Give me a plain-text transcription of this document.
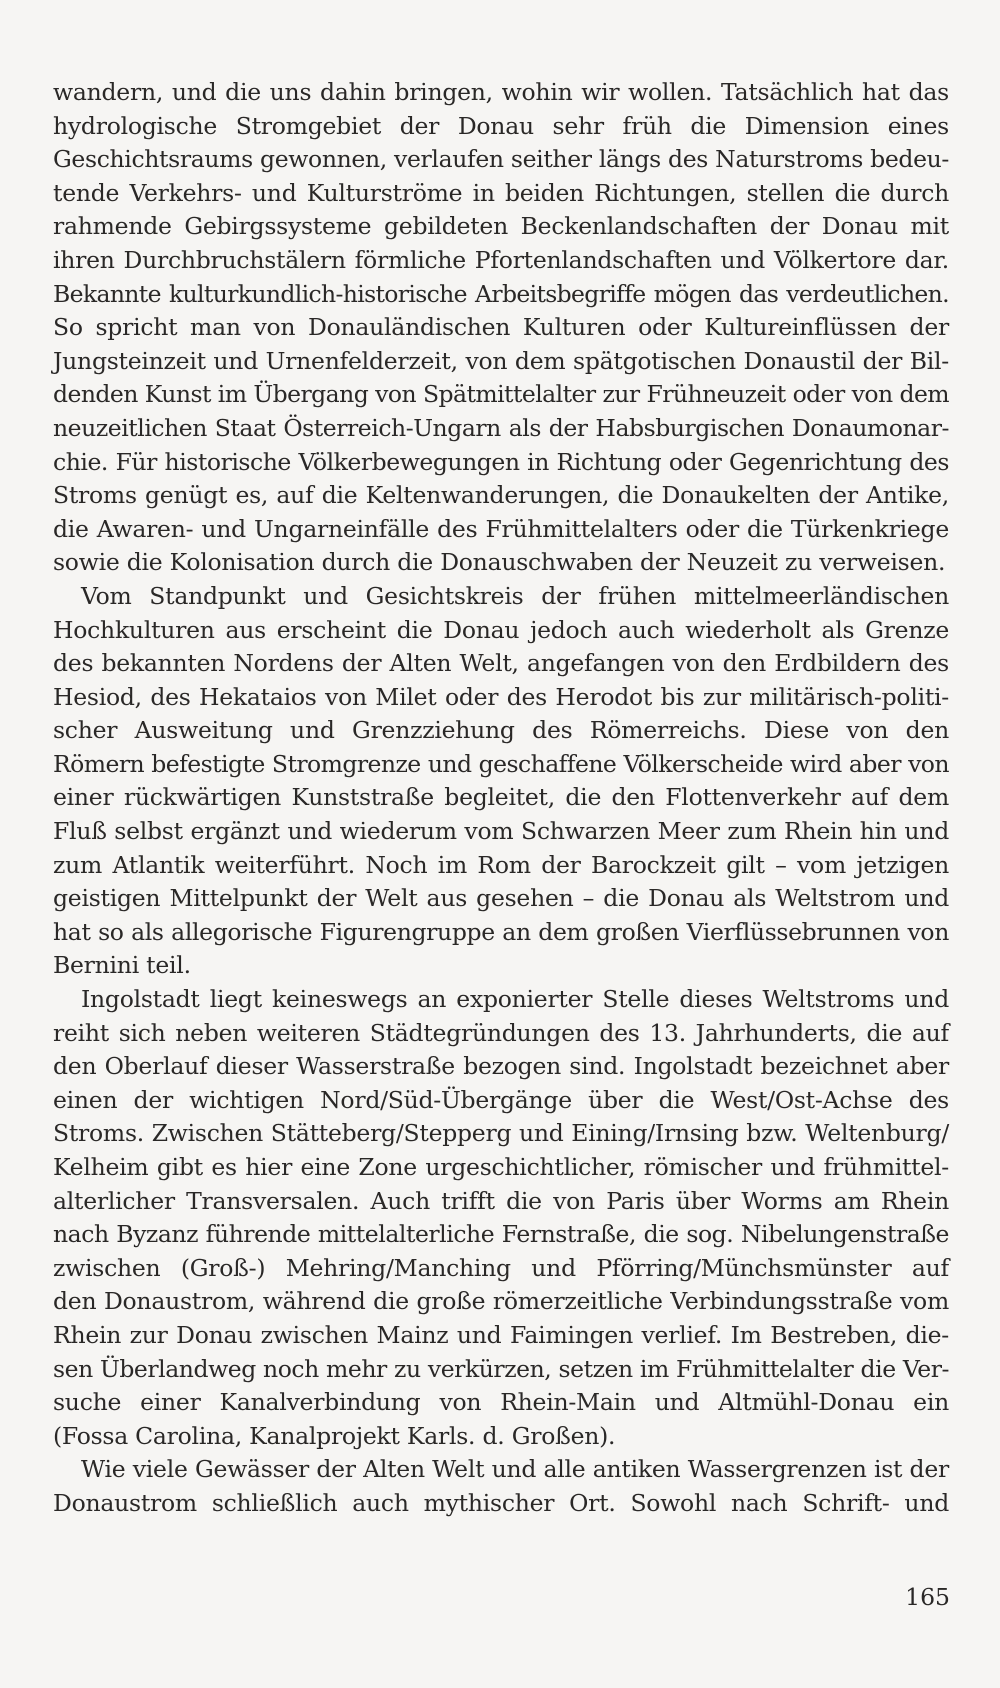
wandern, und die uns dahin bringen, wohin wir wollen. Tatsächlich hat das
hydrologische Stromgebiet der Donau sehr früh die Dimension eines
Geschichtsraums gewonnen, verlaufen seither längs des Naturstroms bedeu-
tende Verkehrs- und Kulturströme in beiden Richtungen, stellen die durch
rahmende Gebirgssysteme gebildeten Beckenlandschaften der Donau mit
ihren Durchbruchstälern förmliche Pfortenlandschaften und Völkertore dar.
Bekannte kulturkundlich-historische Arbeitsbegriffe mögen das verdeutlichen.
So spricht man von Donauländischen Kulturen oder Kultureinflüssen der
Jungsteinzeit und Urnenfelderzeit, von dem spätgotischen Donaustil der Bil-
denden Kunst im Übergang von Spätmittelalter zur Frühneuzeit oder von dem
neuzeitlichen Staat Österreich-Ungarn als der Habsburgischen Donaumonar-
chie. Für historische Völkerbewegungen in Richtung oder Gegenrichtung des
Stroms genügt es, auf die Keltenwanderungen, die Donaukelten der Antike,
die Awaren- und Ungarneinfälle des Frühmittelalters oder die Türkenkriege
sowie die Kolonisation durch die Donauschwaben der Neuzeit zu verweisen.
Vom Standpunkt und Gesichtskreis der frühen mittelmeerländischen
Hochkulturen aus erscheint die Donau jedoch auch wiederholt als Grenze
des bekannten Nordens der Alten Welt, angefangen von den Erdbildern des
Hesiod, des Hekataios von Milet oder des Herodot bis zur militärisch-politi-
scher Ausweitung und Grenzziehung des Römerreichs. Diese von den
Römern befestigte Stromgrenze und geschaffene Völkerscheide wird aber von
einer rückwärtigen Kunststraße begleitet, die den Flottenverkehr auf dem
Fluß selbst ergänzt und wiederum vom Schwarzen Meer zum Rhein hin und
zum Atlantik weiterführt. Noch im Rom der Barockzeit gilt – vom jetzigen
geistigen Mittelpunkt der Welt aus gesehen – die Donau als Weltstrom und
hat so als allegorische Figurengruppe an dem großen Vierflüssebrunnen von
Bernini teil.
Ingolstadt liegt keineswegs an exponierter Stelle dieses Weltstroms und
reiht sich neben weiteren Städtegründungen des 13. Jahrhunderts, die auf
den Oberlauf dieser Wasserstraße bezogen sind. Ingolstadt bezeichnet aber
einen der wichtigen Nord/Süd-Übergänge über die West/Ost-Achse des
Stroms. Zwischen Stätteberg/Stepperg und Eining/Irnsing bzw. Weltenburg/
Kelheim gibt es hier eine Zone urgeschichtlicher, römischer und frühmittel-
alterlicher Transversalen. Auch trifft die von Paris über Worms am Rhein
nach Byzanz führende mittelalterliche Fernstraße, die sog. Nibelungenstraße
zwischen (Groß-) Mehring/Manching und Pförring/Münchsmünster auf
den Donaustrom, während die große römerzeitliche Verbindungsstraße vom
Rhein zur Donau zwischen Mainz und Faimingen verlief. Im Bestreben, die-
sen Überlandweg noch mehr zu verkürzen, setzen im Frühmittelalter die Ver-
suche einer Kanalverbindung von Rhein-Main und Altmühl-Donau ein
(Fossa Carolina, Kanalprojekt Karls. d. Großen).
Wie viele Gewässer der Alten Welt und alle antiken Wassergrenzen ist der
Donaustrom schließlich auch mythischer Ort. Sowohl nach Schrift- und
165
